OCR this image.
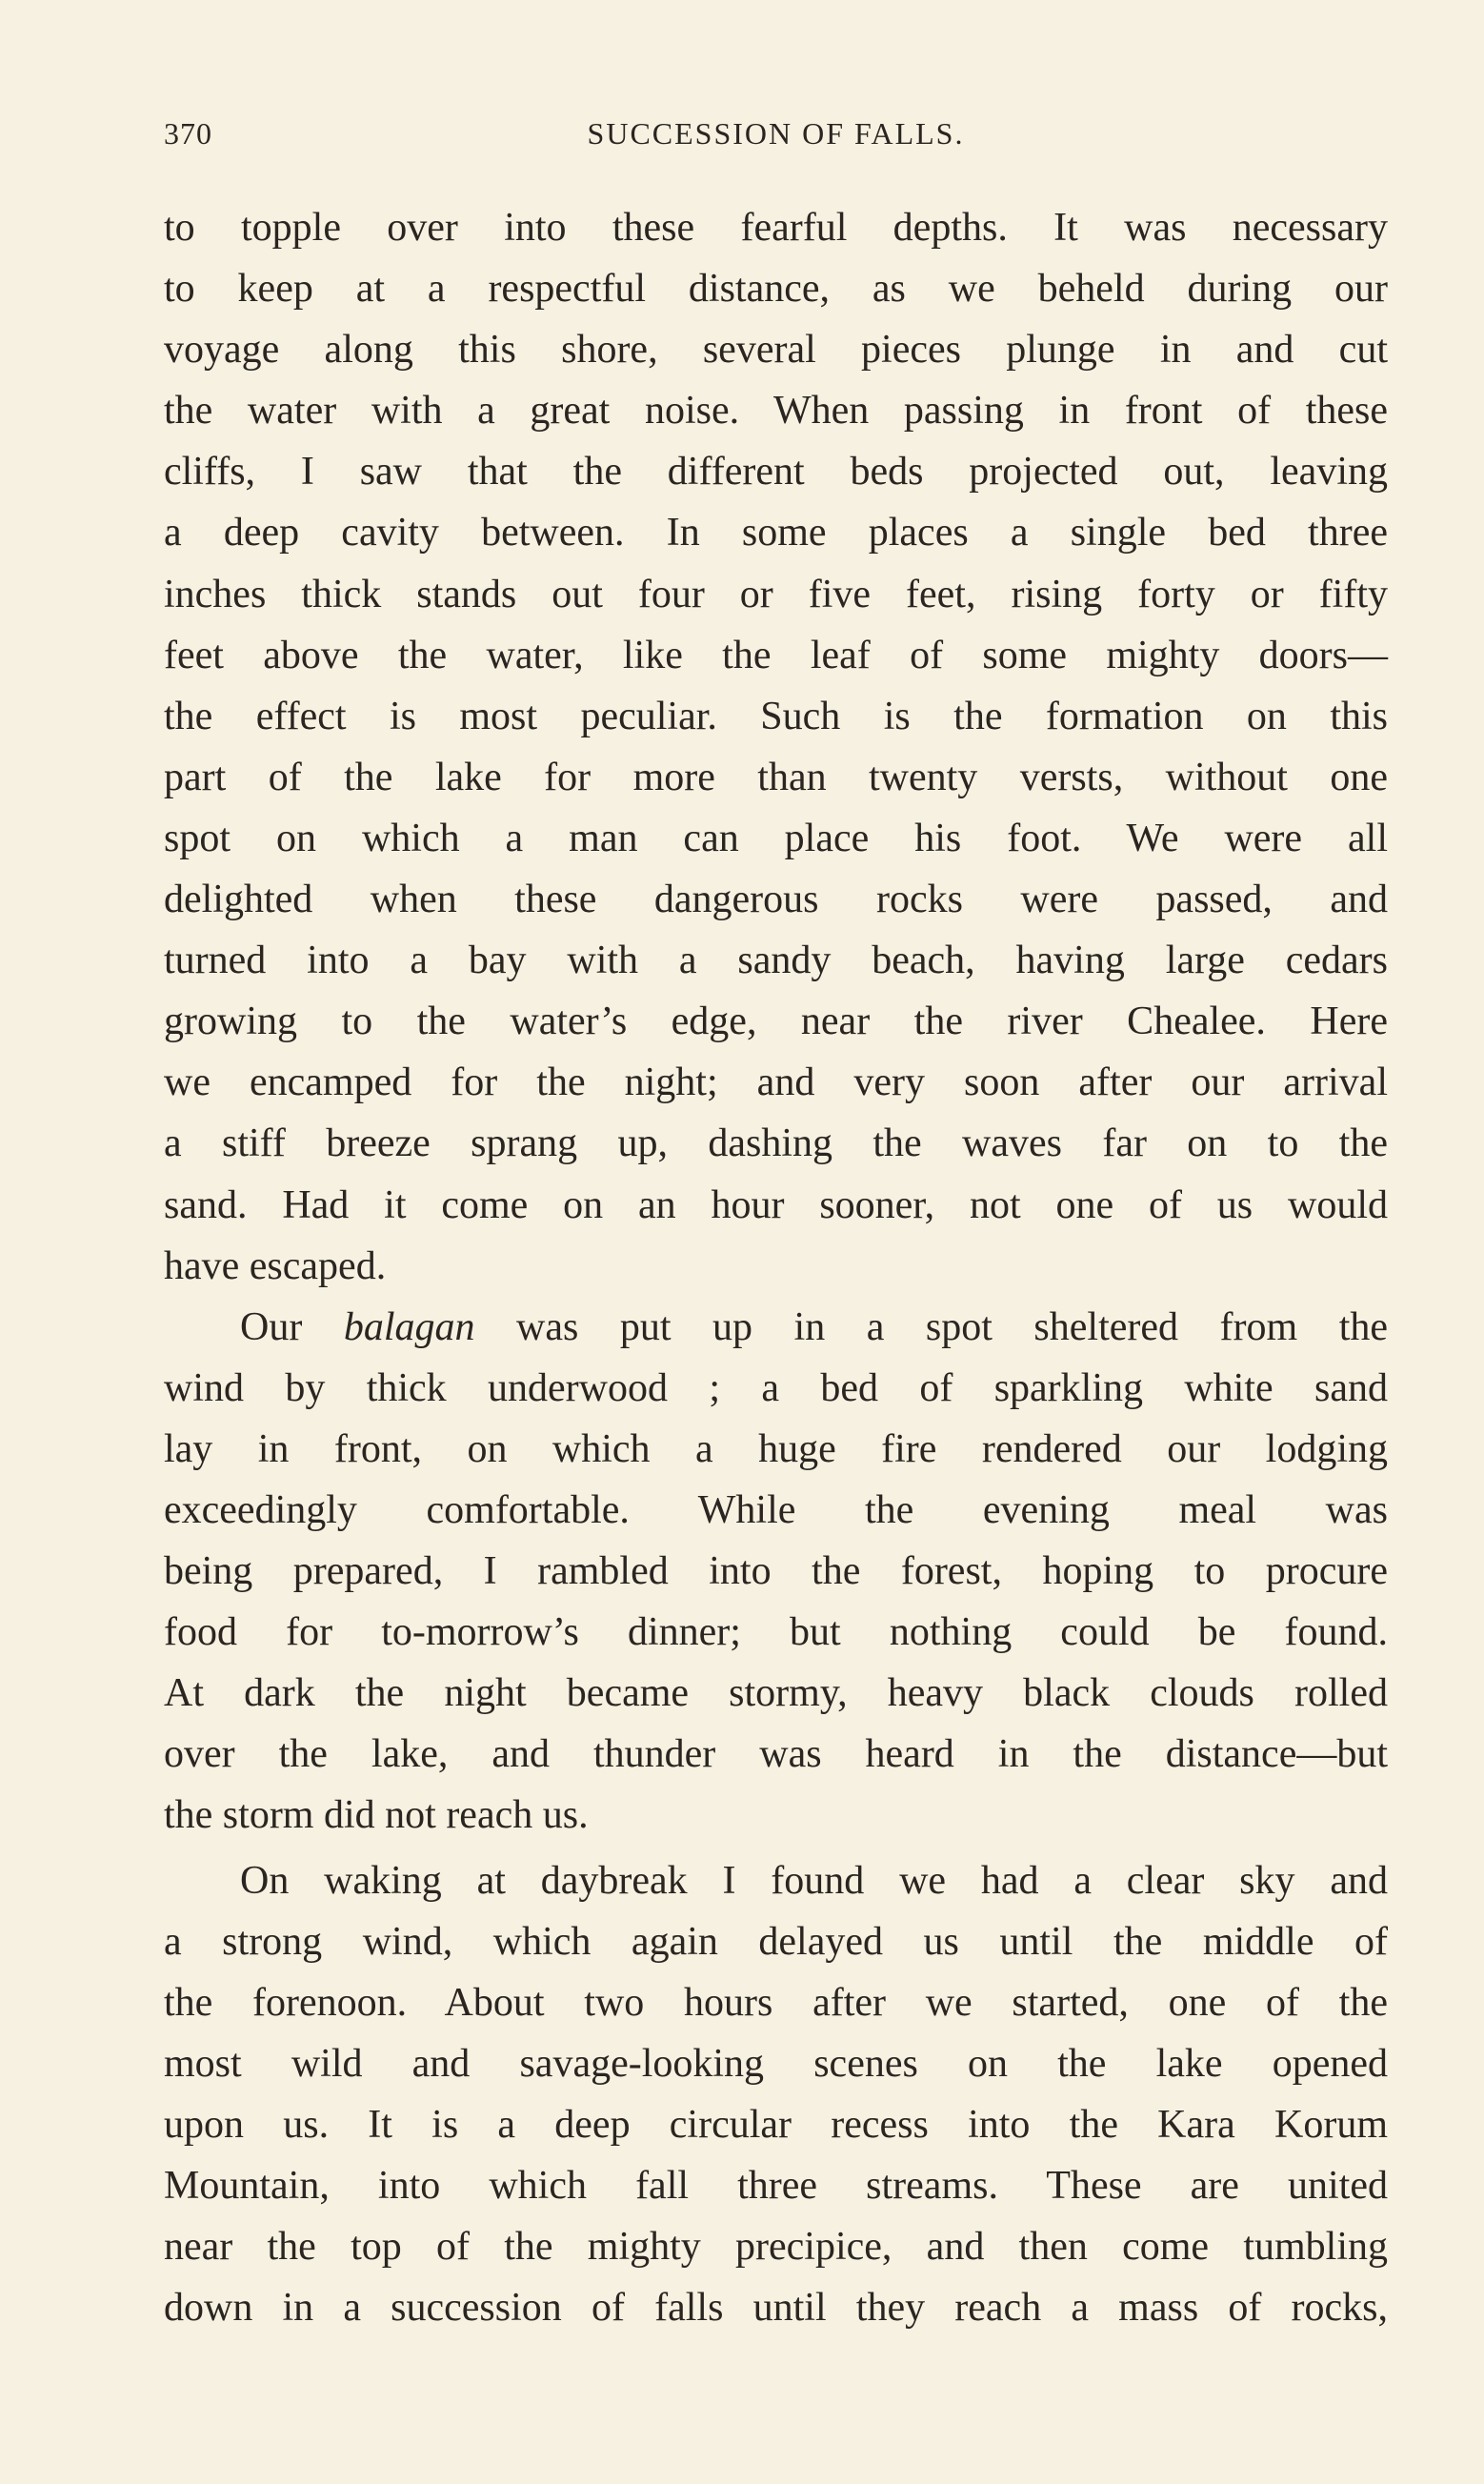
370	SUCCESSION OF FALLS.
to topple over into these fearful depths. It was necessary
to keep at a respectful distance, as we beheld during our
voyage along this shore, several pieces plunge in and cut
the water with a great noise. When passing in front of these
cliffs, I saw that the different beds projected out, leaving
a deep cavity between. In some places a single bed three
inches thick stands out four or five feet, rising forty or fifty
feet above the water, like the leaf of some mighty doors—
the effect is most peculiar. Such is the formation on this
part of the lake for more than twenty versts, without one
spot on which a man can place his foot. We were all
delighted when these dangerous rocks were passed, and
turned into a bay with a sandy beach, having large cedars
growing to the water’s edge, near the river Chealee. Here
we encamped for the night; and very soon after our arrival
a stiff breeze sprang up, dashing the waves far on to the
sand. Had it come on an hour sooner, not one of us would
have escaped.
Our balagan was put up in a spot sheltered from the
wind by thick underwood ; a bed of sparkling white sand
lay in front, on which a huge fire rendered our lodging
exceedingly comfortable. While the evening meal was
being prepared, I rambled into the forest, hoping to procure
food for to-morrow’s dinner; but nothing could be found.
At dark the night became stormy, heavy black clouds rolled
over the lake, and thunder was heard in the distance—but
the storm did not reach us.
On waking at daybreak I found we had a clear sky and
a strong wind, which again delayed us until the middle of
the forenoon. About two hours after we started, one of the
most wild and savage-looking scenes on the lake opened
upon us. It is a deep circular recess into the Kara Korum
Mountain, into which fall three streams. These are united
near the top of the mighty precipice, and then come tumbling
down in a succession of falls until they reach a mass of rocks,
